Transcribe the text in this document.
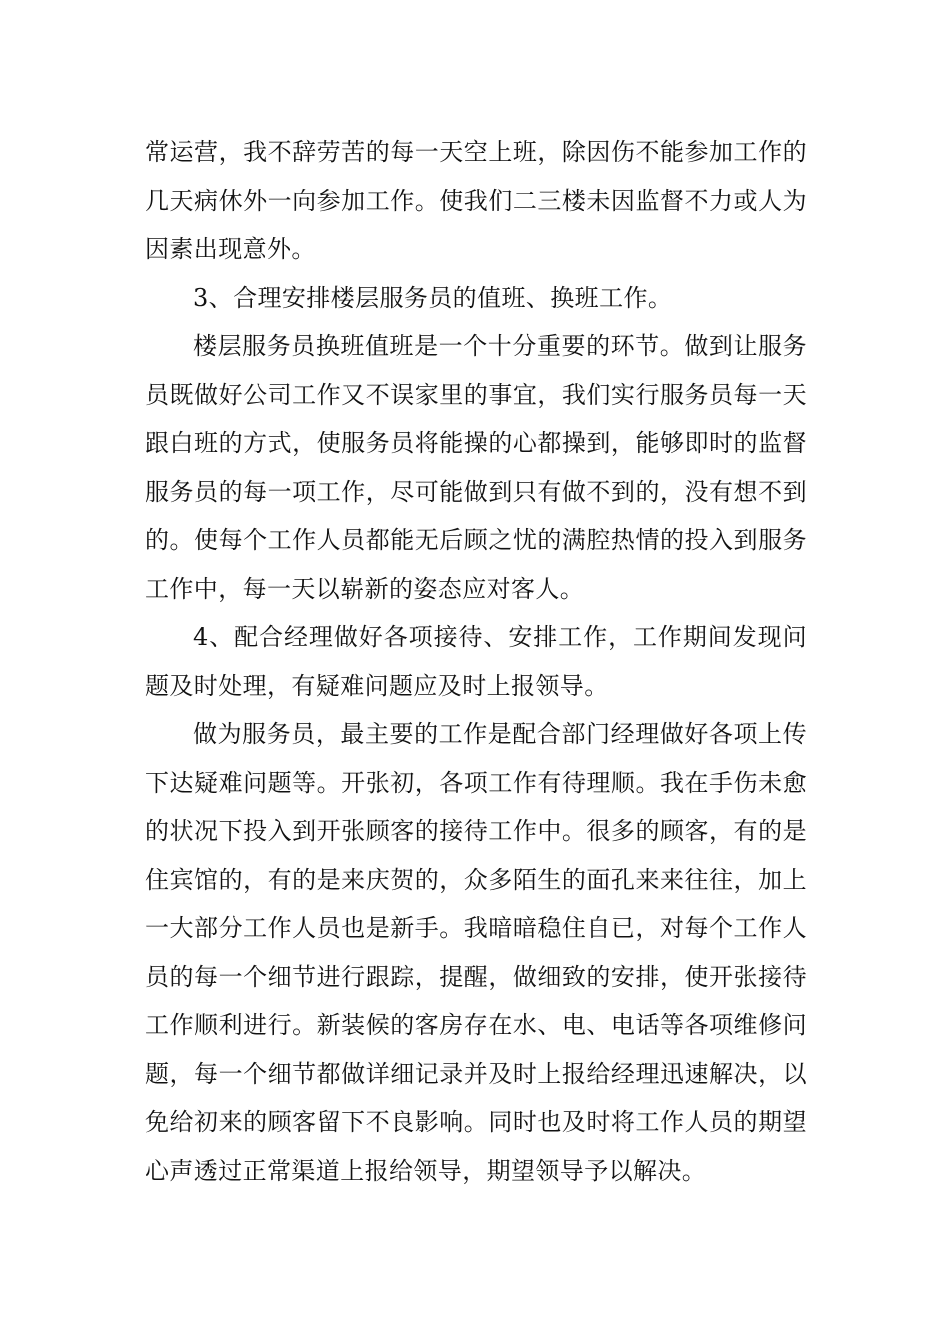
常运营，我不辞劳苦的每一天空上班，除因伤不能参加工作的几天病休外一向参加工作。使我们二三楼未因监督不力或人为因素出现意外。

3、合理安排楼层服务员的值班、换班工作。

楼层服务员换班值班是一个十分重要的环节。做到让服务员既做好公司工作又不误家里的事宜，我们实行服务员每一天跟白班的方式，使服务员将能操的心都操到，能够即时的监督服务员的每一项工作，尽可能做到只有做不到的，没有想不到的。使每个工作人员都能无后顾之忧的满腔热情的投入到服务工作中，每一天以崭新的姿态应对客人。

4、配合经理做好各项接待、安排工作，工作期间发现问题及时处理，有疑难问题应及时上报领导。

做为服务员，最主要的工作是配合部门经理做好各项上传下达疑难问题等。开张初，各项工作有待理顺。我在手伤未愈的状况下投入到开张顾客的接待工作中。很多的顾客，有的是住宾馆的，有的是来庆贺的，众多陌生的面孔来来往往，加上一大部分工作人员也是新手。我暗暗稳住自已，对每个工作人员的每一个细节进行跟踪，提醒，做细致的安排，使开张接待工作顺利进行。新装候的客房存在水、电、电话等各项维修问题，每一个细节都做详细记录并及时上报给经理迅速解决，以免给初来的顾客留下不良影响。同时也及时将工作人员的期望心声透过正常渠道上报给领导，期望领导予以解决。
